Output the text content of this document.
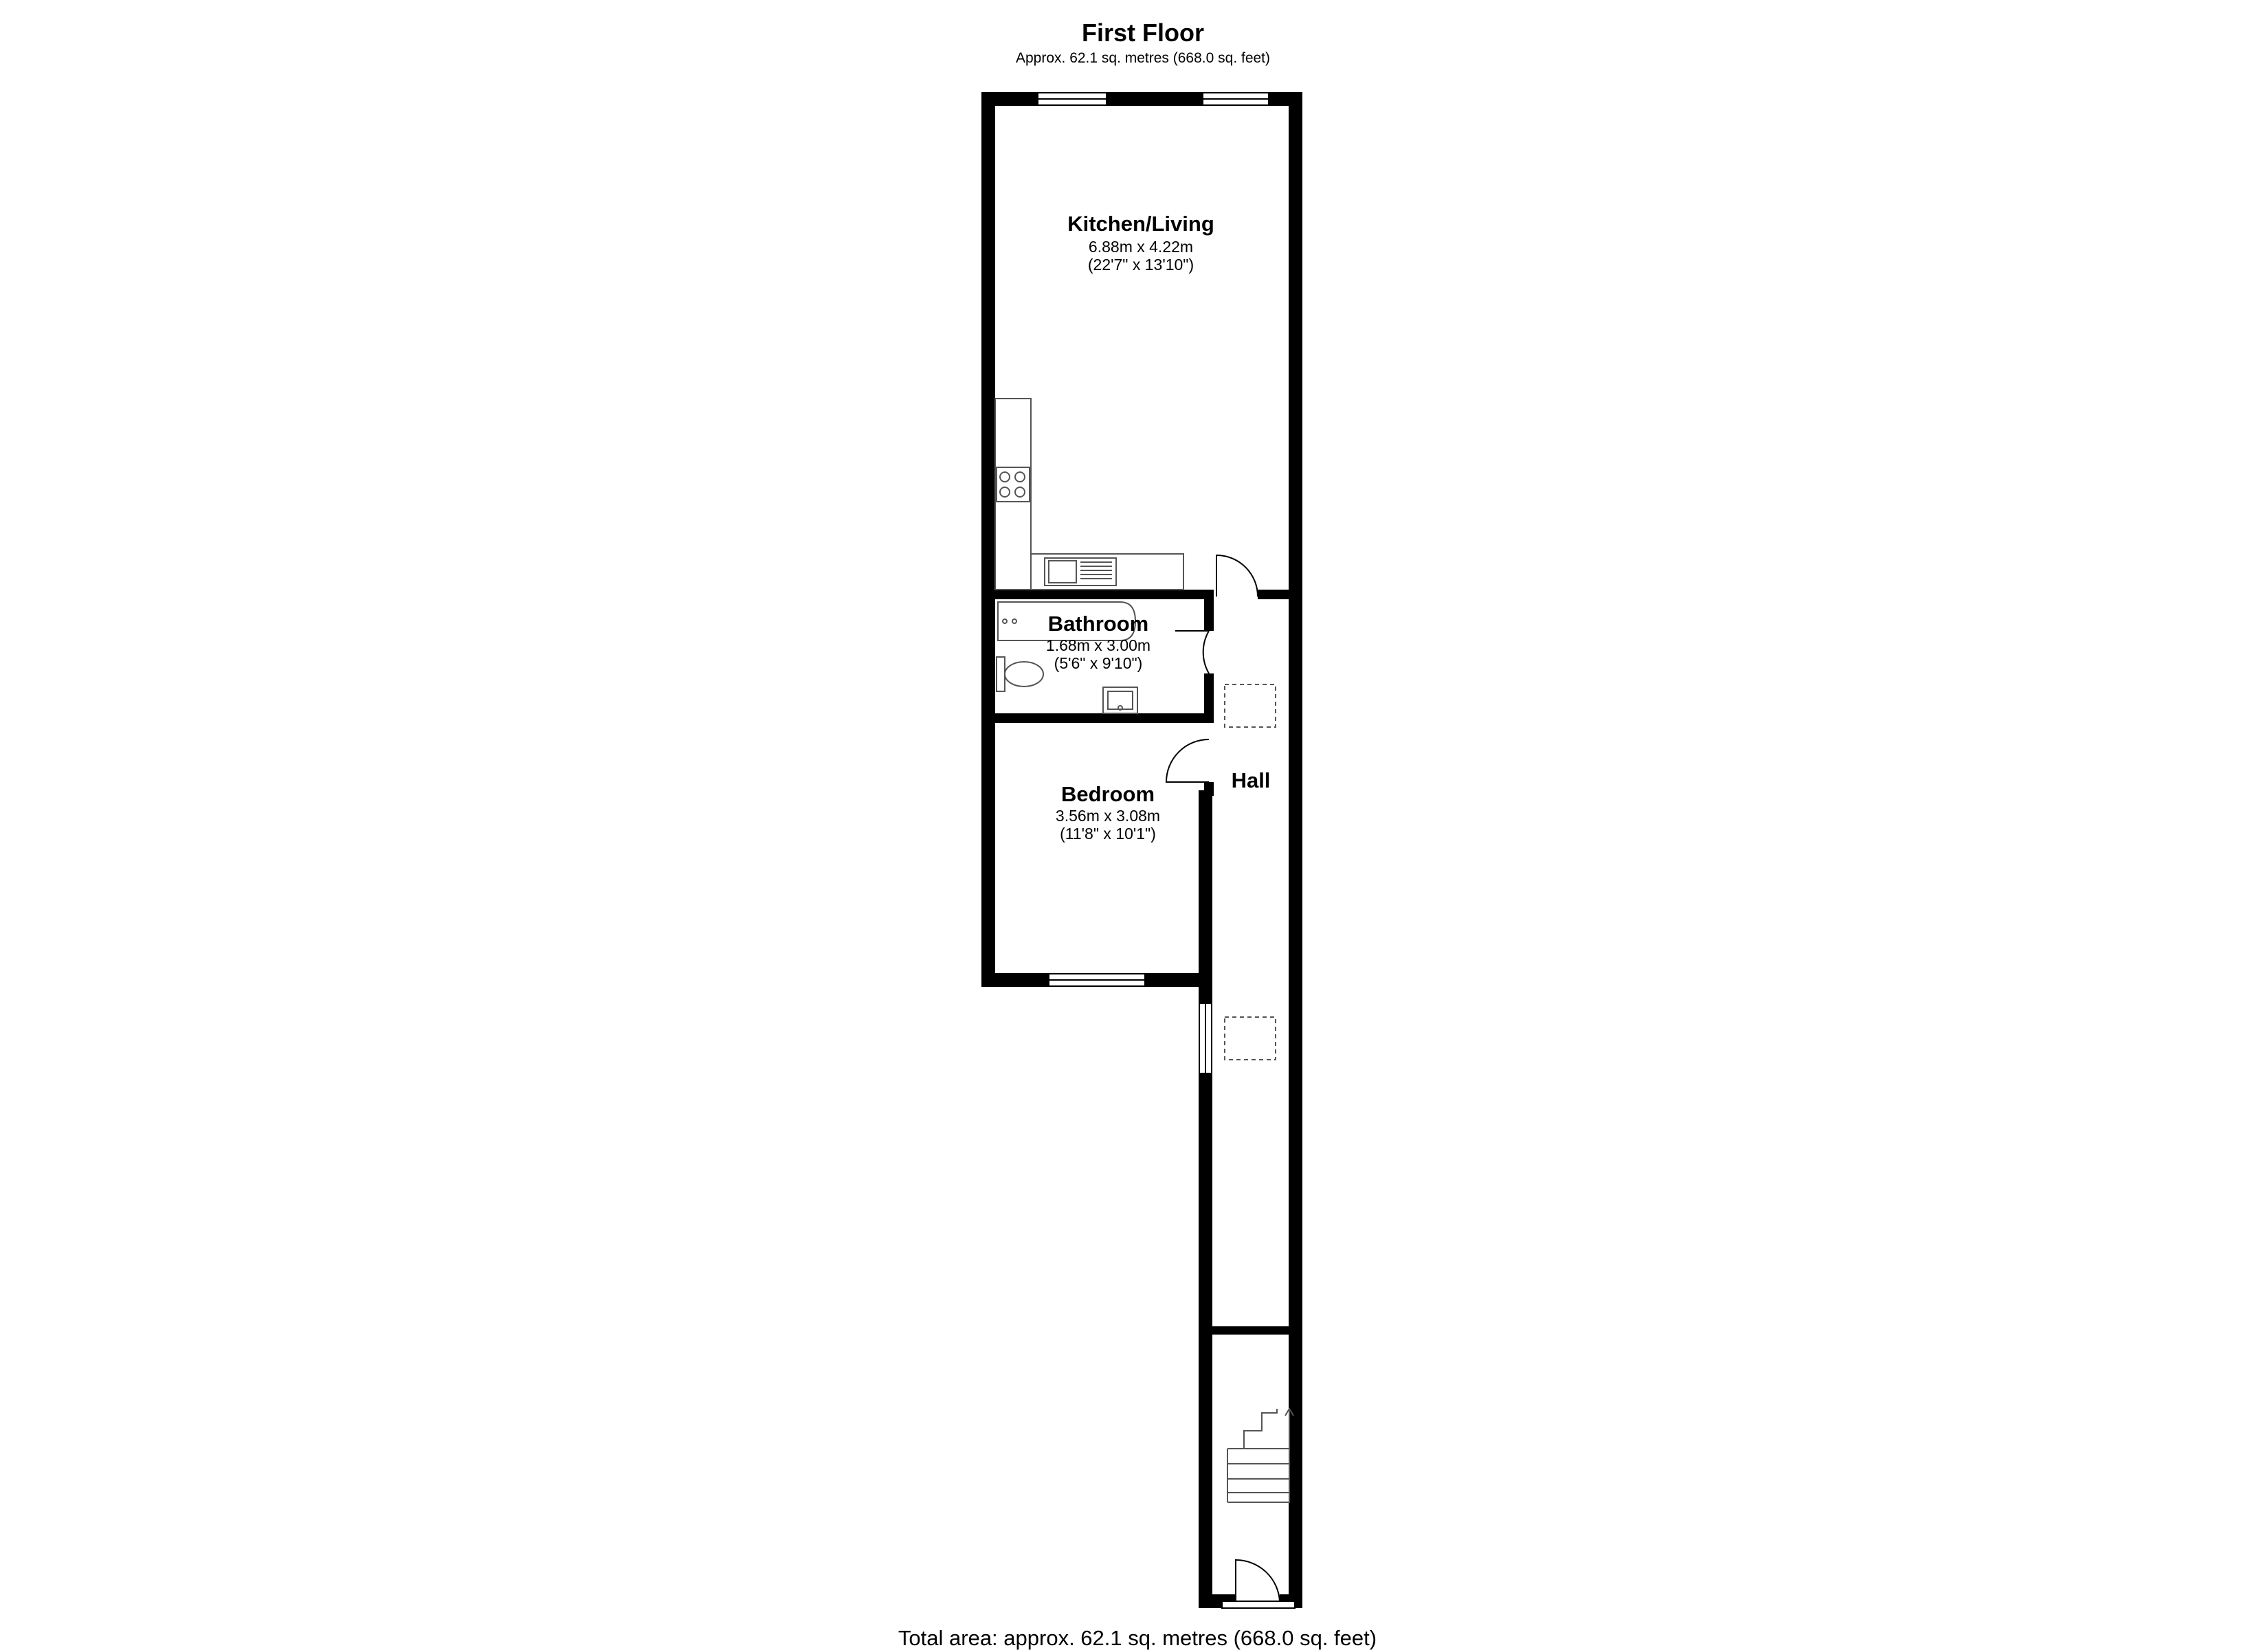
First Floor
Approx. 62.1 sq. metres (668.0 sq. feet)
Kitchen/Living
6.88m x 4.22m
(22'7" x 13'10")
Bathroom
1.68m x 3.00m
(5'6" x 9'10")
Bedroom
3.56m x 3.08m
(11'8" x 10'1")
Hall
Total area: approx. 62.1 sq. metres (668.0 sq. feet)
